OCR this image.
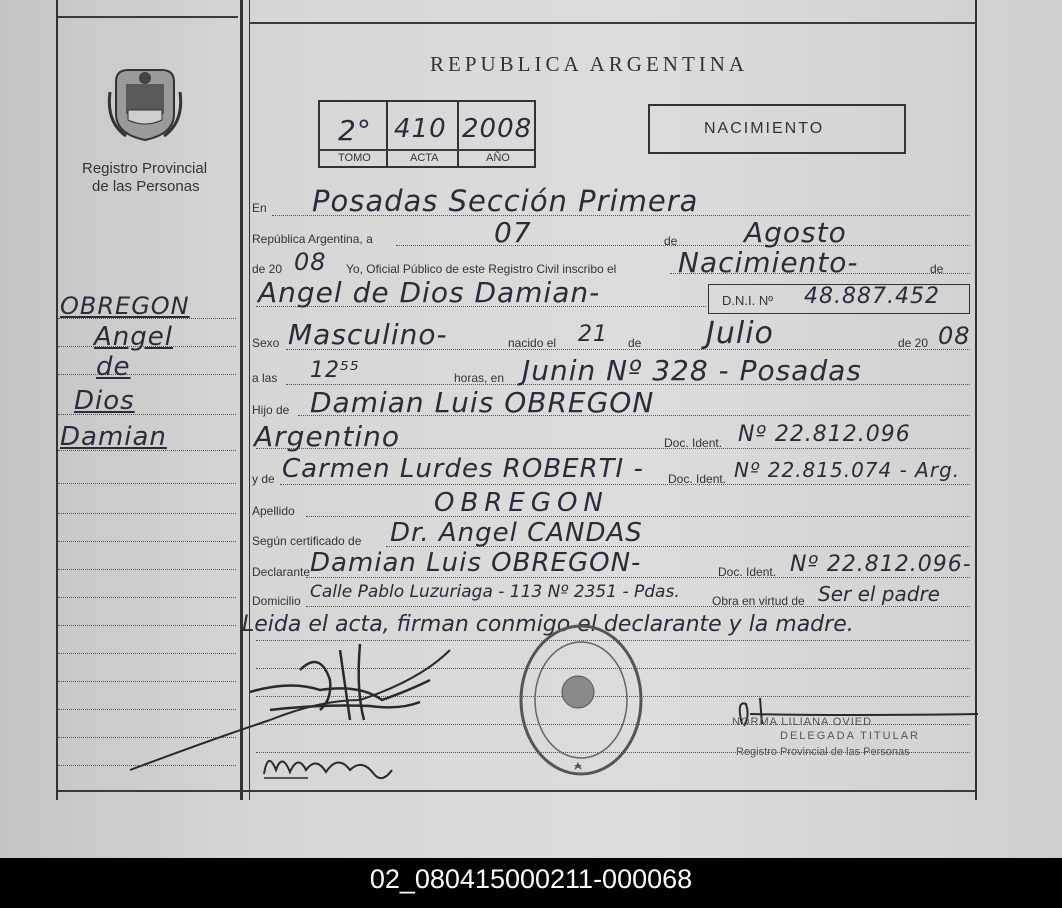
Registro Provincial
de las Personas
REPUBLICA ARGENTINA
2° 410 2008
TOMO	ACTA	AÑO
NACIMIENTO
OBREGON
Angel
de
Dios
Damian
En Posadas Sección Primera
República Argentina, a	07	de Agosto
de 20 08 Yo, Oficial Público de este Registro Civil inscribo el Nacimiento-	de
Angel de Dios Damian-	D.N.I. Nº 48.887.452
Sexo Masculino-	nacido el 21 de Julio	de 20 08
a las 12⁵⁵	horas, en Junin Nº 328 - Posadas
Hijo de Damian Luis OBREGON
Argentino	Doc. Ident. Nº 22.812.096
y de Carmen Lurdes ROBERTI - Doc. Ident. Nº 22.815.074 - Arg.
Apellido	OBREGON
Según certificado de Dr. Angel CANDAS
Declarante Damian Luis OBREGON-	Doc. Ident. Nº 22.812.096-
Domicilio Calle Pablo Luzuriaga - 113 Nº 2351 - Pdas.	Obra en virtud de Ser el padre
Leida el acta, firman conmigo el declarante y la madre.
NORMA LILIANA OVIED
DELEGADA TITULAR
Registro Provincial de las Personas
02_080415000211-000068
